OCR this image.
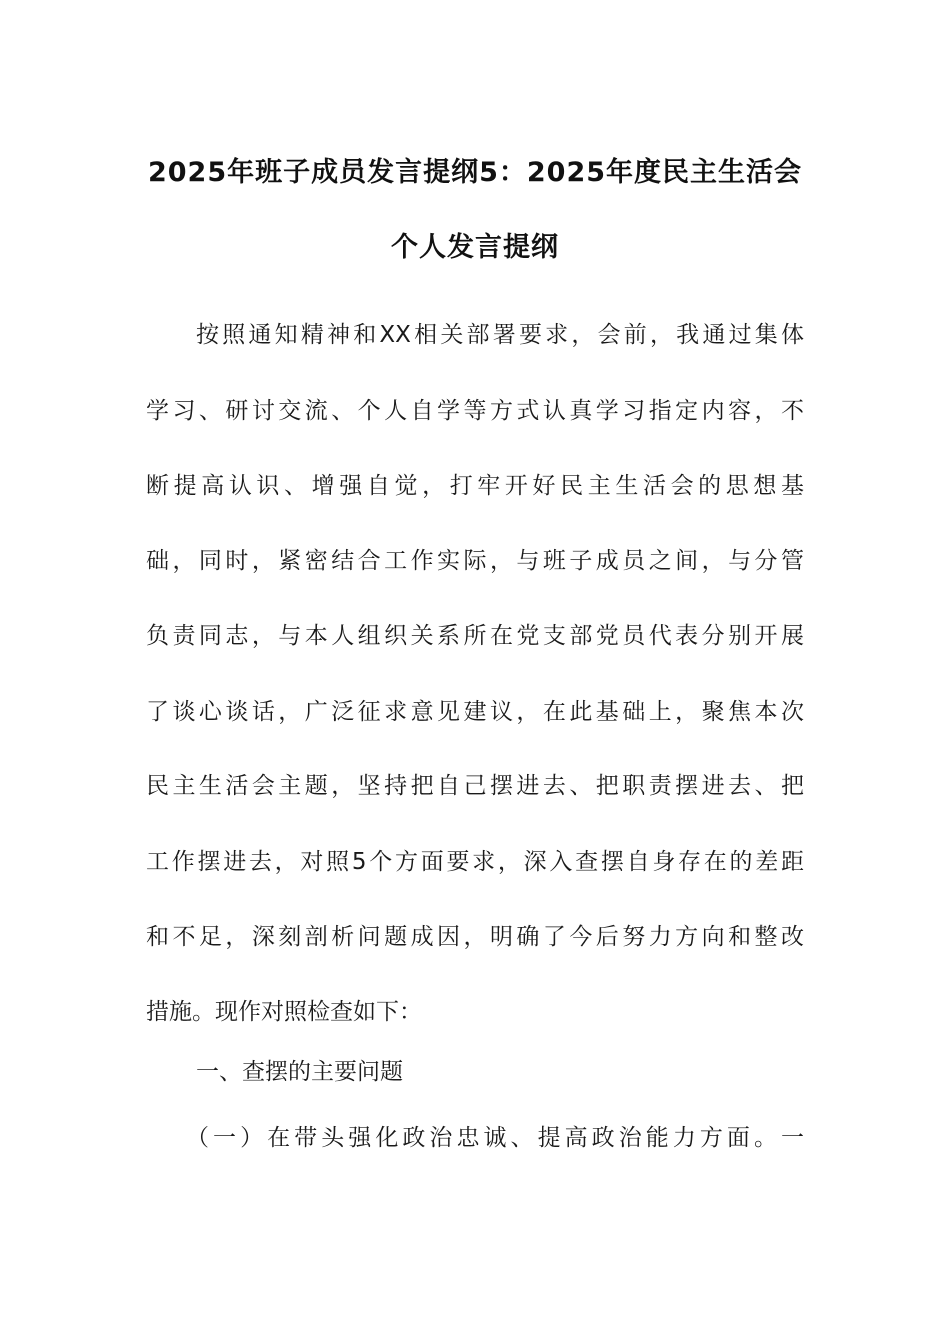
2025年班子成员发言提纲5：2025年度民主生活会
个人发言提纲
按照通知精神和XX相关部署要求，会前，我通过集体
学习、研讨交流、个人自学等方式认真学习指定内容，不
断提高认识、增强自觉，打牢开好民主生活会的思想基
础，同时，紧密结合工作实际，与班子成员之间，与分管
负责同志，与本人组织关系所在党支部党员代表分别开展
了谈心谈话，广泛征求意见建议，在此基础上，聚焦本次
民主生活会主题，坚持把自己摆进去、把职责摆进去、把
工作摆进去，对照5个方面要求，深入查摆自身存在的差距
和不足，深刻剖析问题成因，明确了今后努力方向和整改
措施。现作对照检查如下：
一、查摆的主要问题
（一）在带头强化政治忠诚、提高政治能力方面。一
